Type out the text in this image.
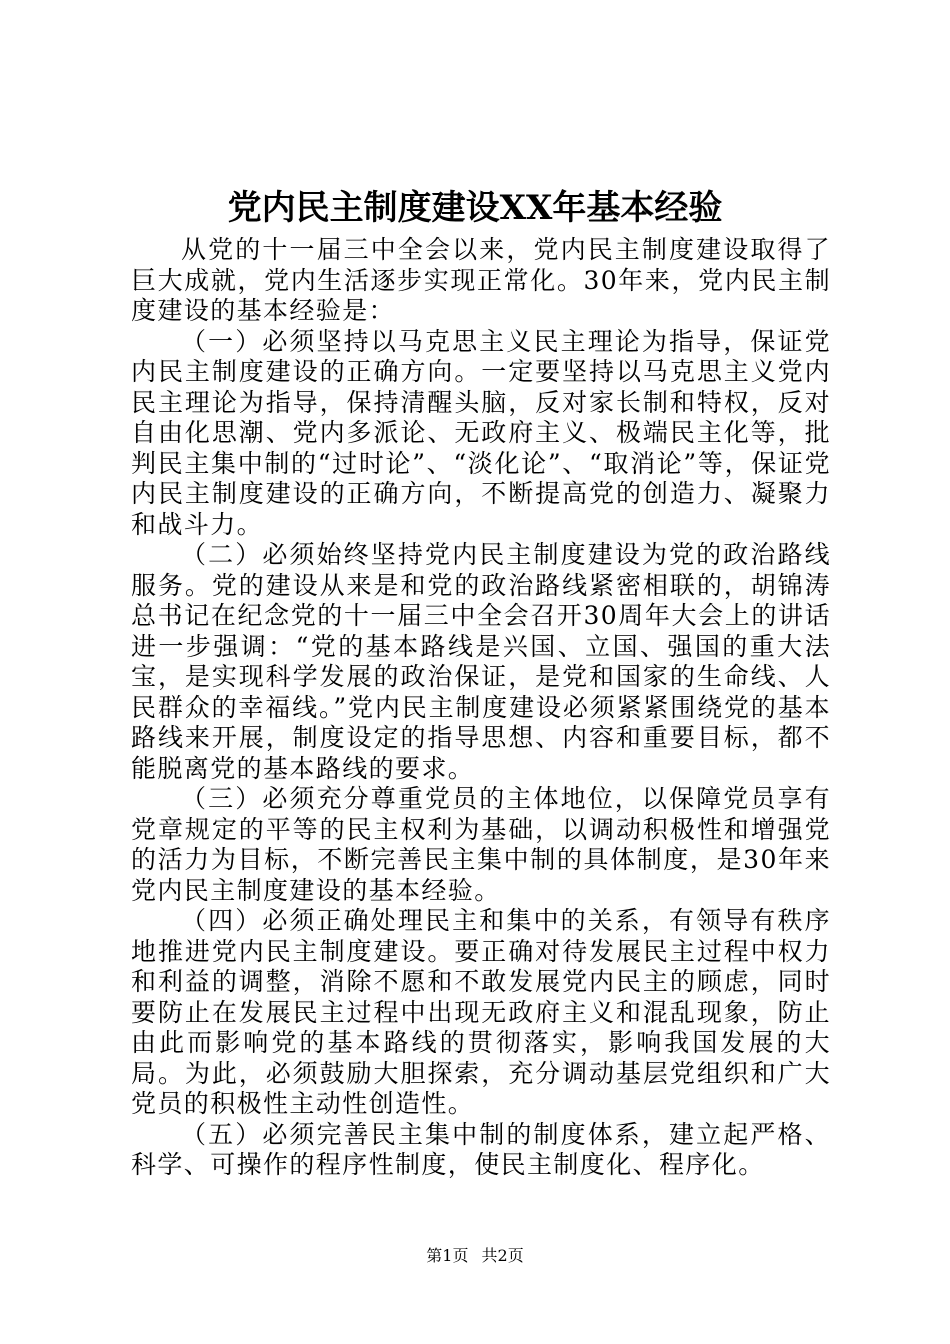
党内民主制度建设XX年基本经验

从党的十一届三中全会以来，党内民主制度建设取得了巨大成就，党内生活逐步实现正常化。30年来，党内民主制度建设的基本经验是：

（一）必须坚持以马克思主义民主理论为指导，保证党内民主制度建设的正确方向。一定要坚持以马克思主义党内民主理论为指导，保持清醒头脑，反对家长制和特权，反对自由化思潮、党内多派论、无政府主义、极端民主化等，批判民主集中制的“过时论”、“淡化论”、“取消论”等，保证党内民主制度建设的正确方向，不断提高党的创造力、凝聚力和战斗力。

（二）必须始终坚持党内民主制度建设为党的政治路线服务。党的建设从来是和党的政治路线紧密相联的，胡锦涛总书记在纪念党的十一届三中全会召开30周年大会上的讲话进一步强调：“党的基本路线是兴国、立国、强国的重大法宝，是实现科学发展的政治保证，是党和国家的生命线、人民群众的幸福线。”党内民主制度建设必须紧紧围绕党的基本路线来开展，制度设定的指导思想、内容和重要目标，都不能脱离党的基本路线的要求。

（三）必须充分尊重党员的主体地位，以保障党员享有党章规定的平等的民主权利为基础，以调动积极性和增强党的活力为目标，不断完善民主集中制的具体制度，是30年来党内民主制度建设的基本经验。

（四）必须正确处理民主和集中的关系，有领导有秩序地推进党内民主制度建设。要正确对待发展民主过程中权力和利益的调整，消除不愿和不敢发展党内民主的顾虑，同时要防止在发展民主过程中出现无政府主义和混乱现象，防止由此而影响党的基本路线的贯彻落实，影响我国发展的大局。为此，必须鼓励大胆探索，充分调动基层党组织和广大党员的积极性主动性创造性。

（五）必须完善民主集中制的制度体系，建立起严格、科学、可操作的程序性制度，使民主制度化、程序化。

第1页 共2页
